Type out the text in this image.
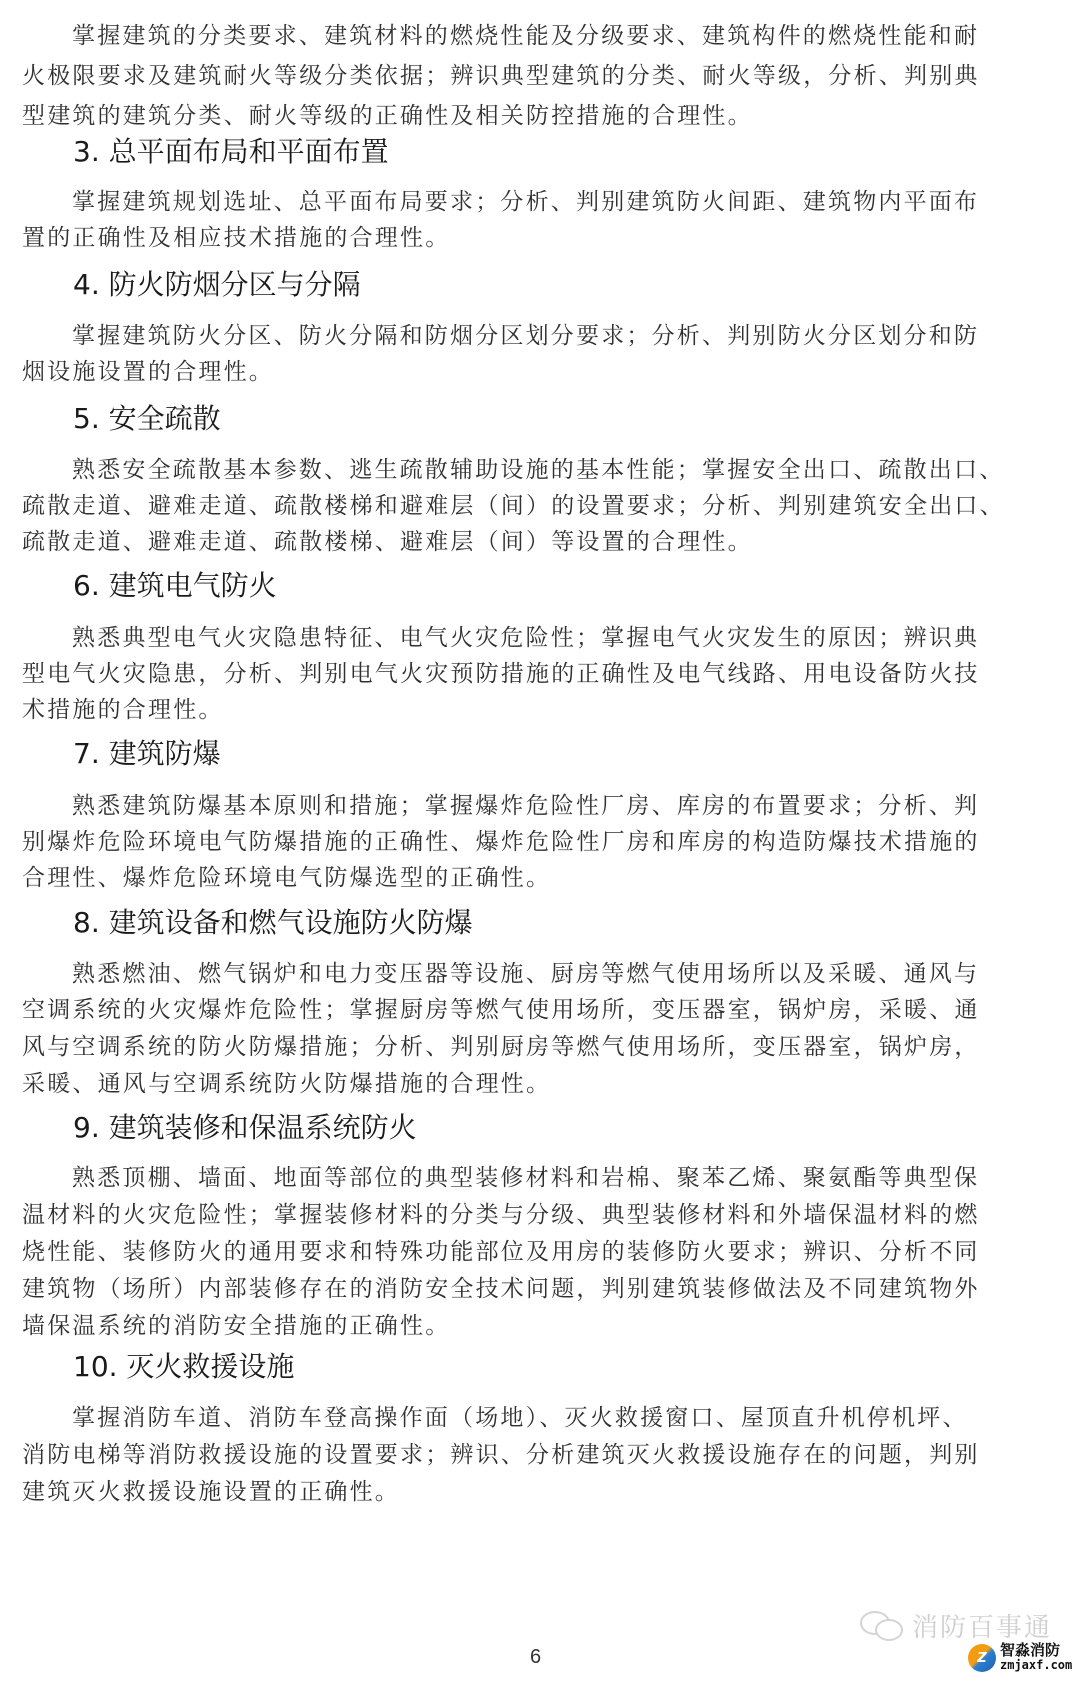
掌握建筑的分类要求、建筑材料的燃烧性能及分级要求、建筑构件的燃烧性能和耐
火极限要求及建筑耐火等级分类依据；辨识典型建筑的分类、耐火等级，分析、判别典
型建筑的建筑分类、耐火等级的正确性及相关防控措施的合理性。
3. 总平面布局和平面布置
掌握建筑规划选址、总平面布局要求；分析、判别建筑防火间距、建筑物内平面布
置的正确性及相应技术措施的合理性。
4. 防火防烟分区与分隔
掌握建筑防火分区、防火分隔和防烟分区划分要求；分析、判别防火分区划分和防
烟设施设置的合理性。
5. 安全疏散
熟悉安全疏散基本参数、逃生疏散辅助设施的基本性能；掌握安全出口、疏散出口、
疏散走道、避难走道、疏散楼梯和避难层（间）的设置要求；分析、判别建筑安全出口、
疏散走道、避难走道、疏散楼梯、避难层（间）等设置的合理性。
6. 建筑电气防火
熟悉典型电气火灾隐患特征、电气火灾危险性；掌握电气火灾发生的原因；辨识典
型电气火灾隐患，分析、判别电气火灾预防措施的正确性及电气线路、用电设备防火技
术措施的合理性。
7. 建筑防爆
熟悉建筑防爆基本原则和措施；掌握爆炸危险性厂房、库房的布置要求；分析、判
别爆炸危险环境电气防爆措施的正确性、爆炸危险性厂房和库房的构造防爆技术措施的
合理性、爆炸危险环境电气防爆选型的正确性。
8. 建筑设备和燃气设施防火防爆
熟悉燃油、燃气锅炉和电力变压器等设施、厨房等燃气使用场所以及采暖、通风与
空调系统的火灾爆炸危险性；掌握厨房等燃气使用场所，变压器室，锅炉房，采暖、通
风与空调系统的防火防爆措施；分析、判别厨房等燃气使用场所，变压器室，锅炉房，
采暖、通风与空调系统防火防爆措施的合理性。
9. 建筑装修和保温系统防火
熟悉顶棚、墙面、地面等部位的典型装修材料和岩棉、聚苯乙烯、聚氨酯等典型保
温材料的火灾危险性；掌握装修材料的分类与分级、典型装修材料和外墙保温材料的燃
烧性能、装修防火的通用要求和特殊功能部位及用房的装修防火要求；辨识、分析不同
建筑物（场所）内部装修存在的消防安全技术问题，判别建筑装修做法及不同建筑物外
墙保温系统的消防安全措施的正确性。
10. 灭火救援设施
掌握消防车道、消防车登高操作面（场地）、灭火救援窗口、屋顶直升机停机坪、
消防电梯等消防救援设施的设置要求；辨识、分析建筑灭火救援设施存在的问题，判别
建筑灭火救援设施设置的正确性。
6
消防百事通
Z 智淼消防
zmjaxf.com
